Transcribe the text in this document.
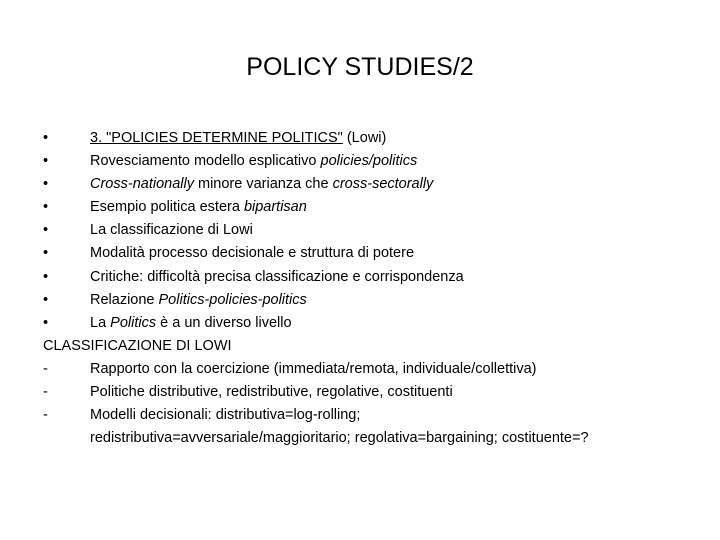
POLICY STUDIES/2
•	3. "POLICIES DETERMINE POLITICS" (Lowi)
•	Rovesciamento modello esplicativo policies/politics
•	Cross-nationally minore varianza che cross-sectorally
•	Esempio politica estera bipartisan
•	La classificazione di Lowi
•	Modalità processo decisionale e struttura di potere
•	Critiche: difficoltà precisa classificazione e corrispondenza
•	Relazione Politics-policies-politics
•	La Politics è a un diverso livello
CLASSIFICAZIONE DI LOWI
-	Rapporto con la coercizione (immediata/remota, individuale/collettiva)
-	Politiche distributive, redistributive, regolative, costituenti
-	Modelli decisionali: distributiva=log-rolling;
redistributiva=avversariale/maggioritario; regolativa=bargaining; costituente=?
